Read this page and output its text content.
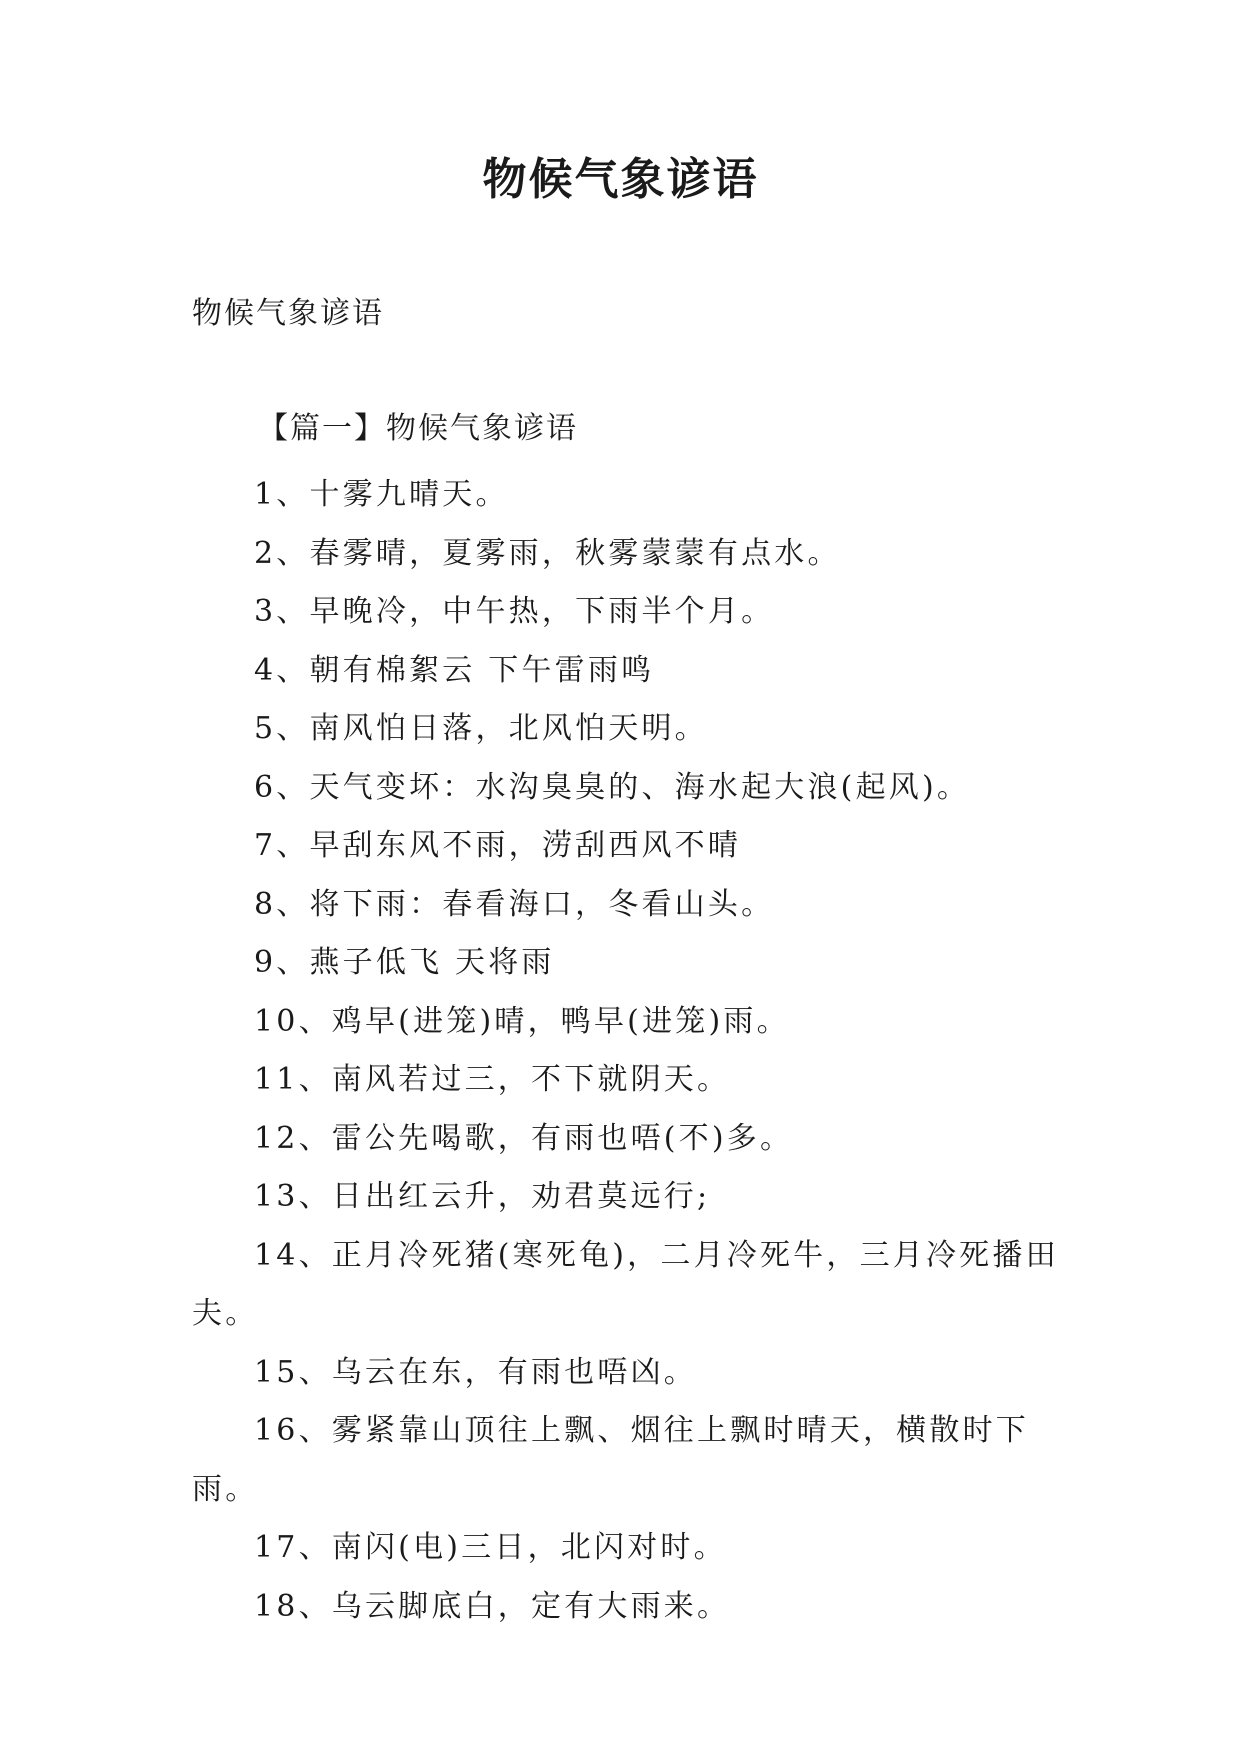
物候气象谚语
物候气象谚语
【篇一】物候气象谚语
1、十雾九晴天。
2、春雾晴，夏雾雨，秋雾蒙蒙有点水。
3、早晚冷，中午热，下雨半个月。
4、朝有棉絮云 下午雷雨鸣
5、南风怕日落，北风怕天明。
6、天气变坏：水沟臭臭的、海水起大浪(起风)。
7、早刮东风不雨，涝刮西风不晴
8、将下雨：春看海口，冬看山头。
9、燕子低飞 天将雨
10、鸡早(进笼)晴，鸭早(进笼)雨。
11、南风若过三，不下就阴天。
12、雷公先喝歌，有雨也唔(不)多。
13、日出红云升，劝君莫远行;
14、正月冷死猪(寒死龟)，二月冷死牛，三月冷死播田夫。
15、乌云在东，有雨也唔凶。
16、雾紧靠山顶往上飘、烟往上飘时晴天，横散时下雨。
17、南闪(电)三日，北闪对时。
18、乌云脚底白，定有大雨来。
